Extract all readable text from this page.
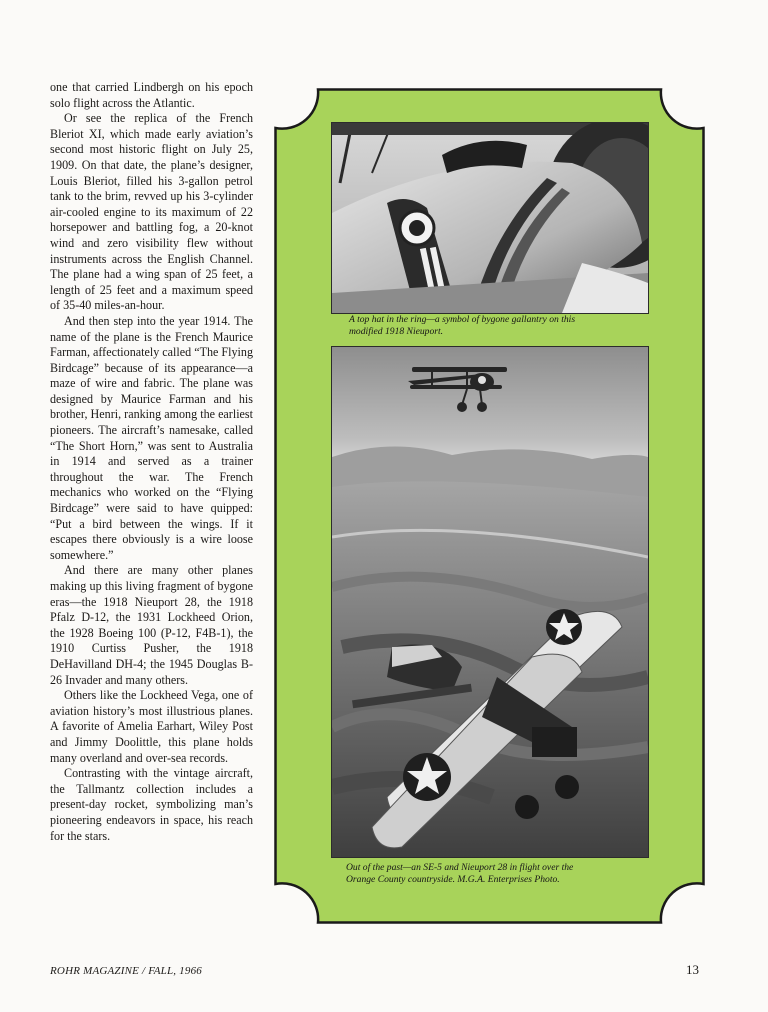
one that carried Lindbergh on his epoch solo flight across the Atlantic.

Or see the replica of the French Bleriot XI, which made early aviation’s second most historic flight on July 25, 1909. On that date, the plane’s designer, Louis Bleriot, filled his 3-gallon petrol tank to the brim, revved up his 3-cylinder air-cooled engine to its maximum of 22 horsepower and battling fog, a 20-knot wind and zero visibility flew without instruments across the English Channel. The plane had a wing span of 25 feet, a length of 25 feet and a maximum speed of 35-40 miles-an-hour.

And then step into the year 1914. The name of the plane is the French Maurice Farman, affectionately called “The Flying Birdcage” because of its appearance—a maze of wire and fabric. The plane was designed by Maurice Farman and his brother, Henri, ranking among the earliest pioneers. The aircraft’s namesake, called “The Short Horn,” was sent to Australia in 1914 and served as a trainer throughout the war. The French mechanics who worked on the “Flying Birdcage” were said to have quipped: “Put a bird between the wings. If it escapes there obviously is a wire loose somewhere.”

And there are many other planes making up this living fragment of bygone eras—the 1918 Nieuport 28, the 1918 Pfalz D-12, the 1931 Lockheed Orion, the 1928 Boeing 100 (P-12, F4B-1), the 1910 Curtiss Pusher, the 1918 DeHavilland DH-4; the 1945 Douglas B-26 Invader and many others.

Others like the Lockheed Vega, one of aviation history’s most illustrious planes. A favorite of Amelia Earhart, Wiley Post and Jimmy Doolittle, this plane holds many overland and over-sea records.

Contrasting with the vintage aircraft, the Tallmantz collection includes a present-day rocket, symbolizing man’s pioneering endeavors in space, his reach for the stars.

A top hat in the ring—a symbol of bygone gallantry on this
modified 1918 Nieuport.
Out of the past—an SE-5 and Nieuport 28 in flight over the
Orange County countryside. M.G.A. Enterprises Photo.
ROHR MAGAZINE / FALL, 1966	13
